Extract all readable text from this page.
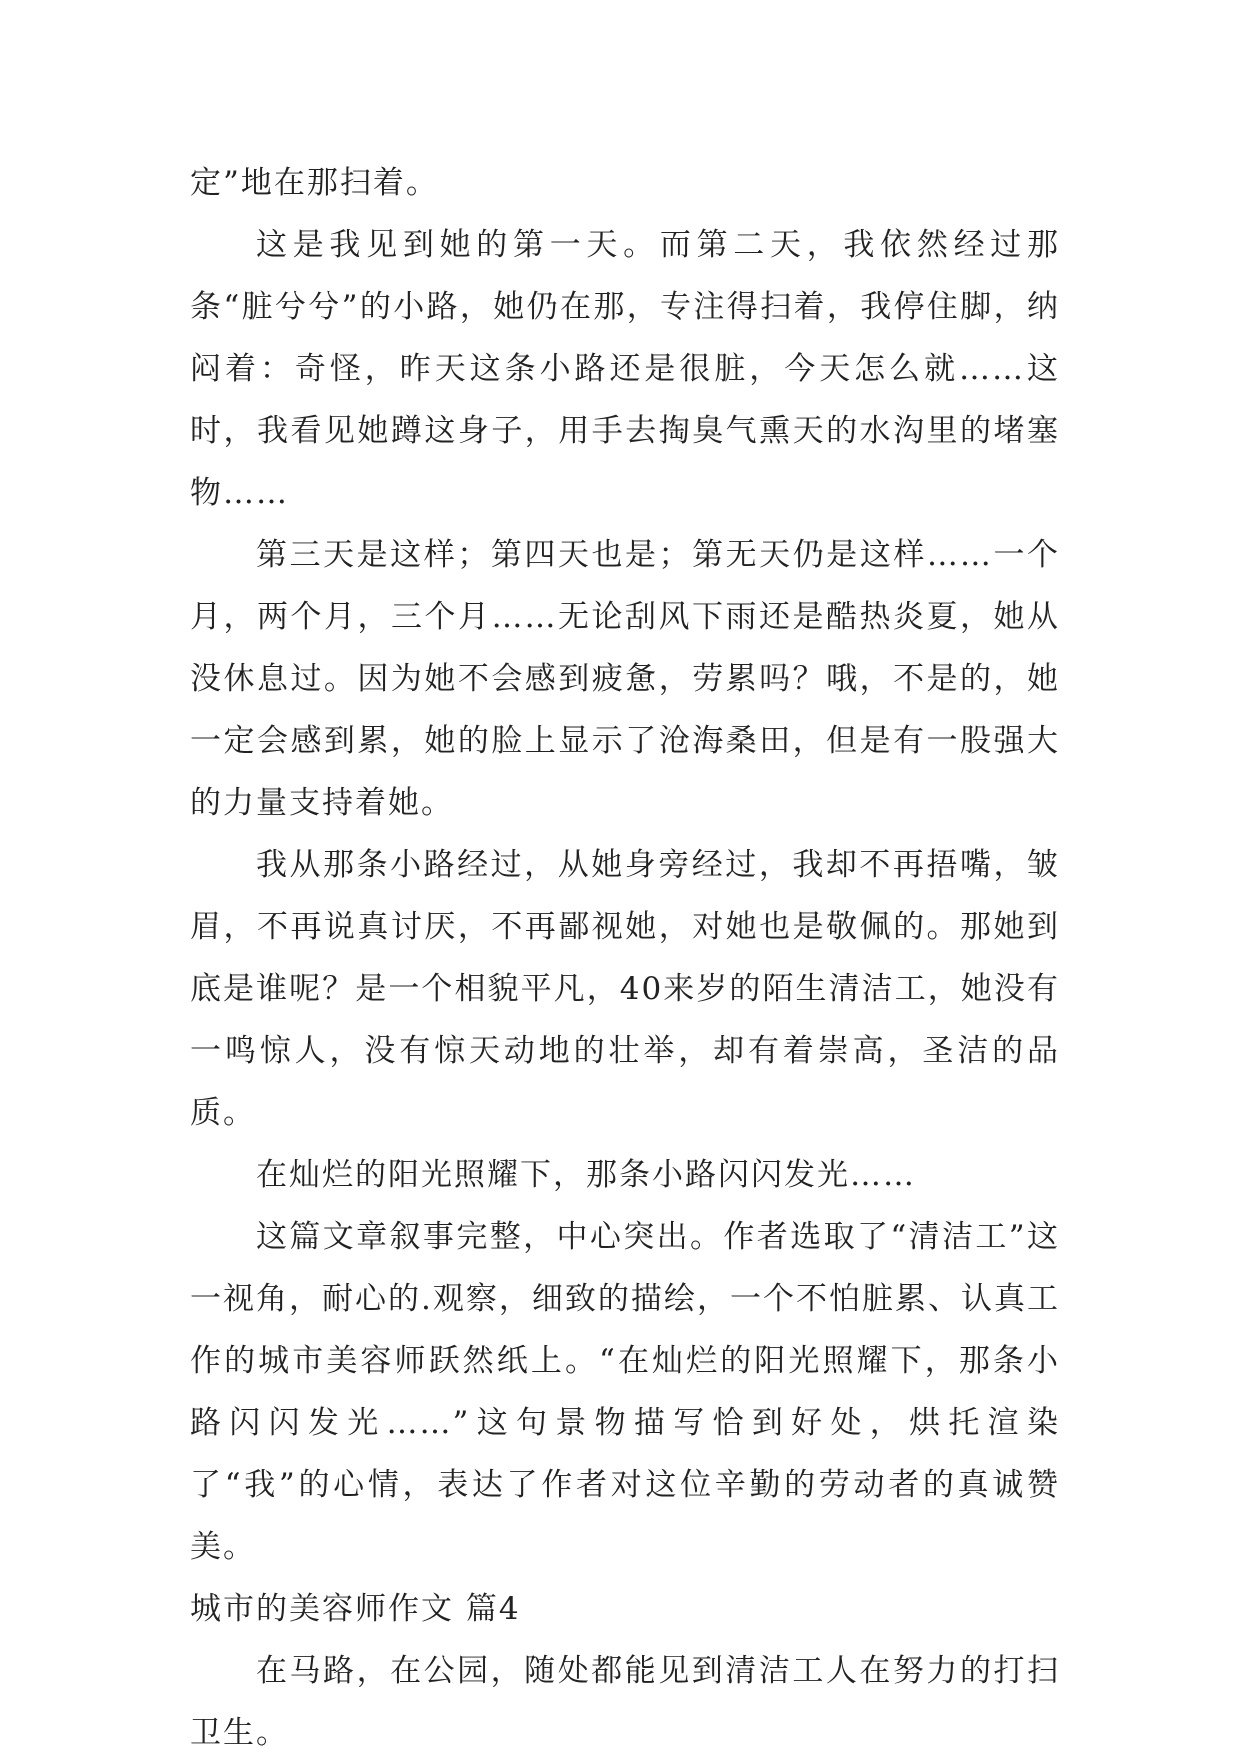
定”地在那扫着。

这是我见到她的第一天。而第二天，我依然经过那条“脏兮兮”的小路，她仍在那，专注得扫着，我停住脚，纳闷着：奇怪，昨天这条小路还是很脏，今天怎么就……这时，我看见她蹲这身子，用手去掏臭气熏天的水沟里的堵塞物……

第三天是这样；第四天也是；第无天仍是这样……一个月，两个月，三个月……无论刮风下雨还是酷热炎夏，她从没休息过。因为她不会感到疲惫，劳累吗？哦，不是的，她一定会感到累，她的脸上显示了沧海桑田，但是有一股强大的力量支持着她。

我从那条小路经过，从她身旁经过，我却不再捂嘴，皱眉，不再说真讨厌，不再鄙视她，对她也是敬佩的。那她到底是谁呢？是一个相貌平凡，40来岁的陌生清洁工，她没有一鸣惊人，没有惊天动地的壮举，却有着崇高，圣洁的品质。

在灿烂的阳光照耀下，那条小路闪闪发光……

这篇文章叙事完整，中心突出。作者选取了“清洁工”这一视角，耐心的.观察，细致的描绘，一个不怕脏累、认真工作的城市美容师跃然纸上。“在灿烂的阳光照耀下，那条小路闪闪发光……”这句景物描写恰到好处，烘托渲染了“我”的心情，表达了作者对这位辛勤的劳动者的真诚赞美。

城市的美容师作文 篇4

在马路，在公园，随处都能见到清洁工人在努力的打扫卫生。
